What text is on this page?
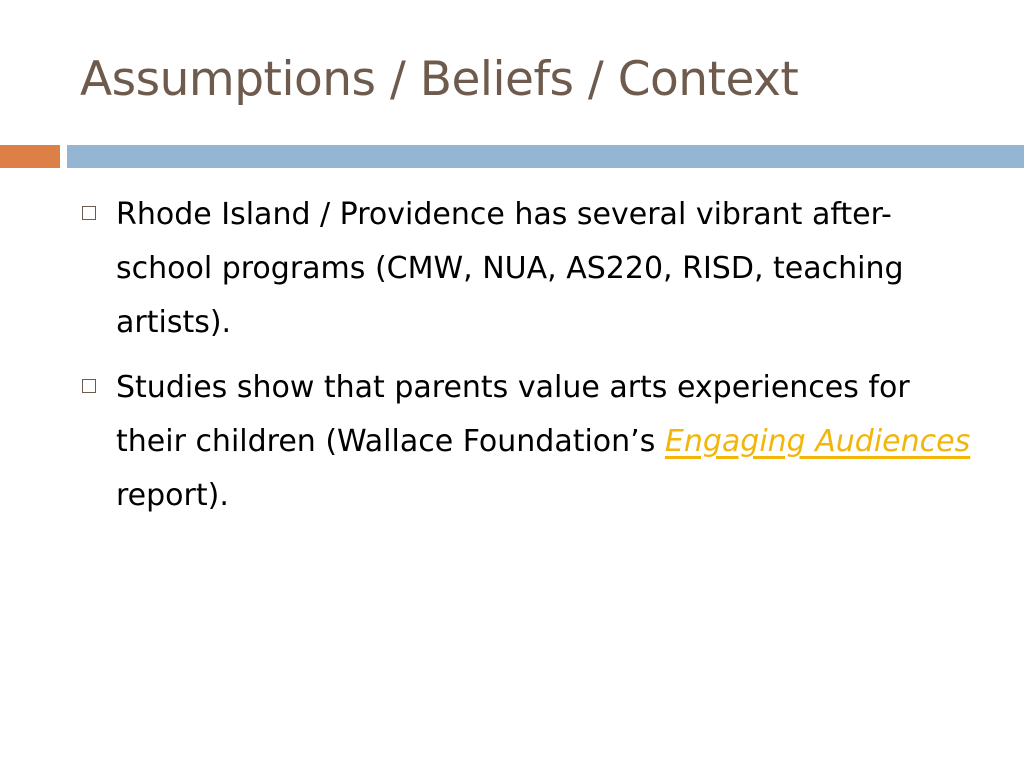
Assumptions / Beliefs / Context
Rhode Island / Providence has several vibrant after-school programs (CMW, NUA, AS220, RISD, teaching artists).
Studies show that parents value arts experiences for their children (Wallace Foundation’s Engaging Audiences report).
